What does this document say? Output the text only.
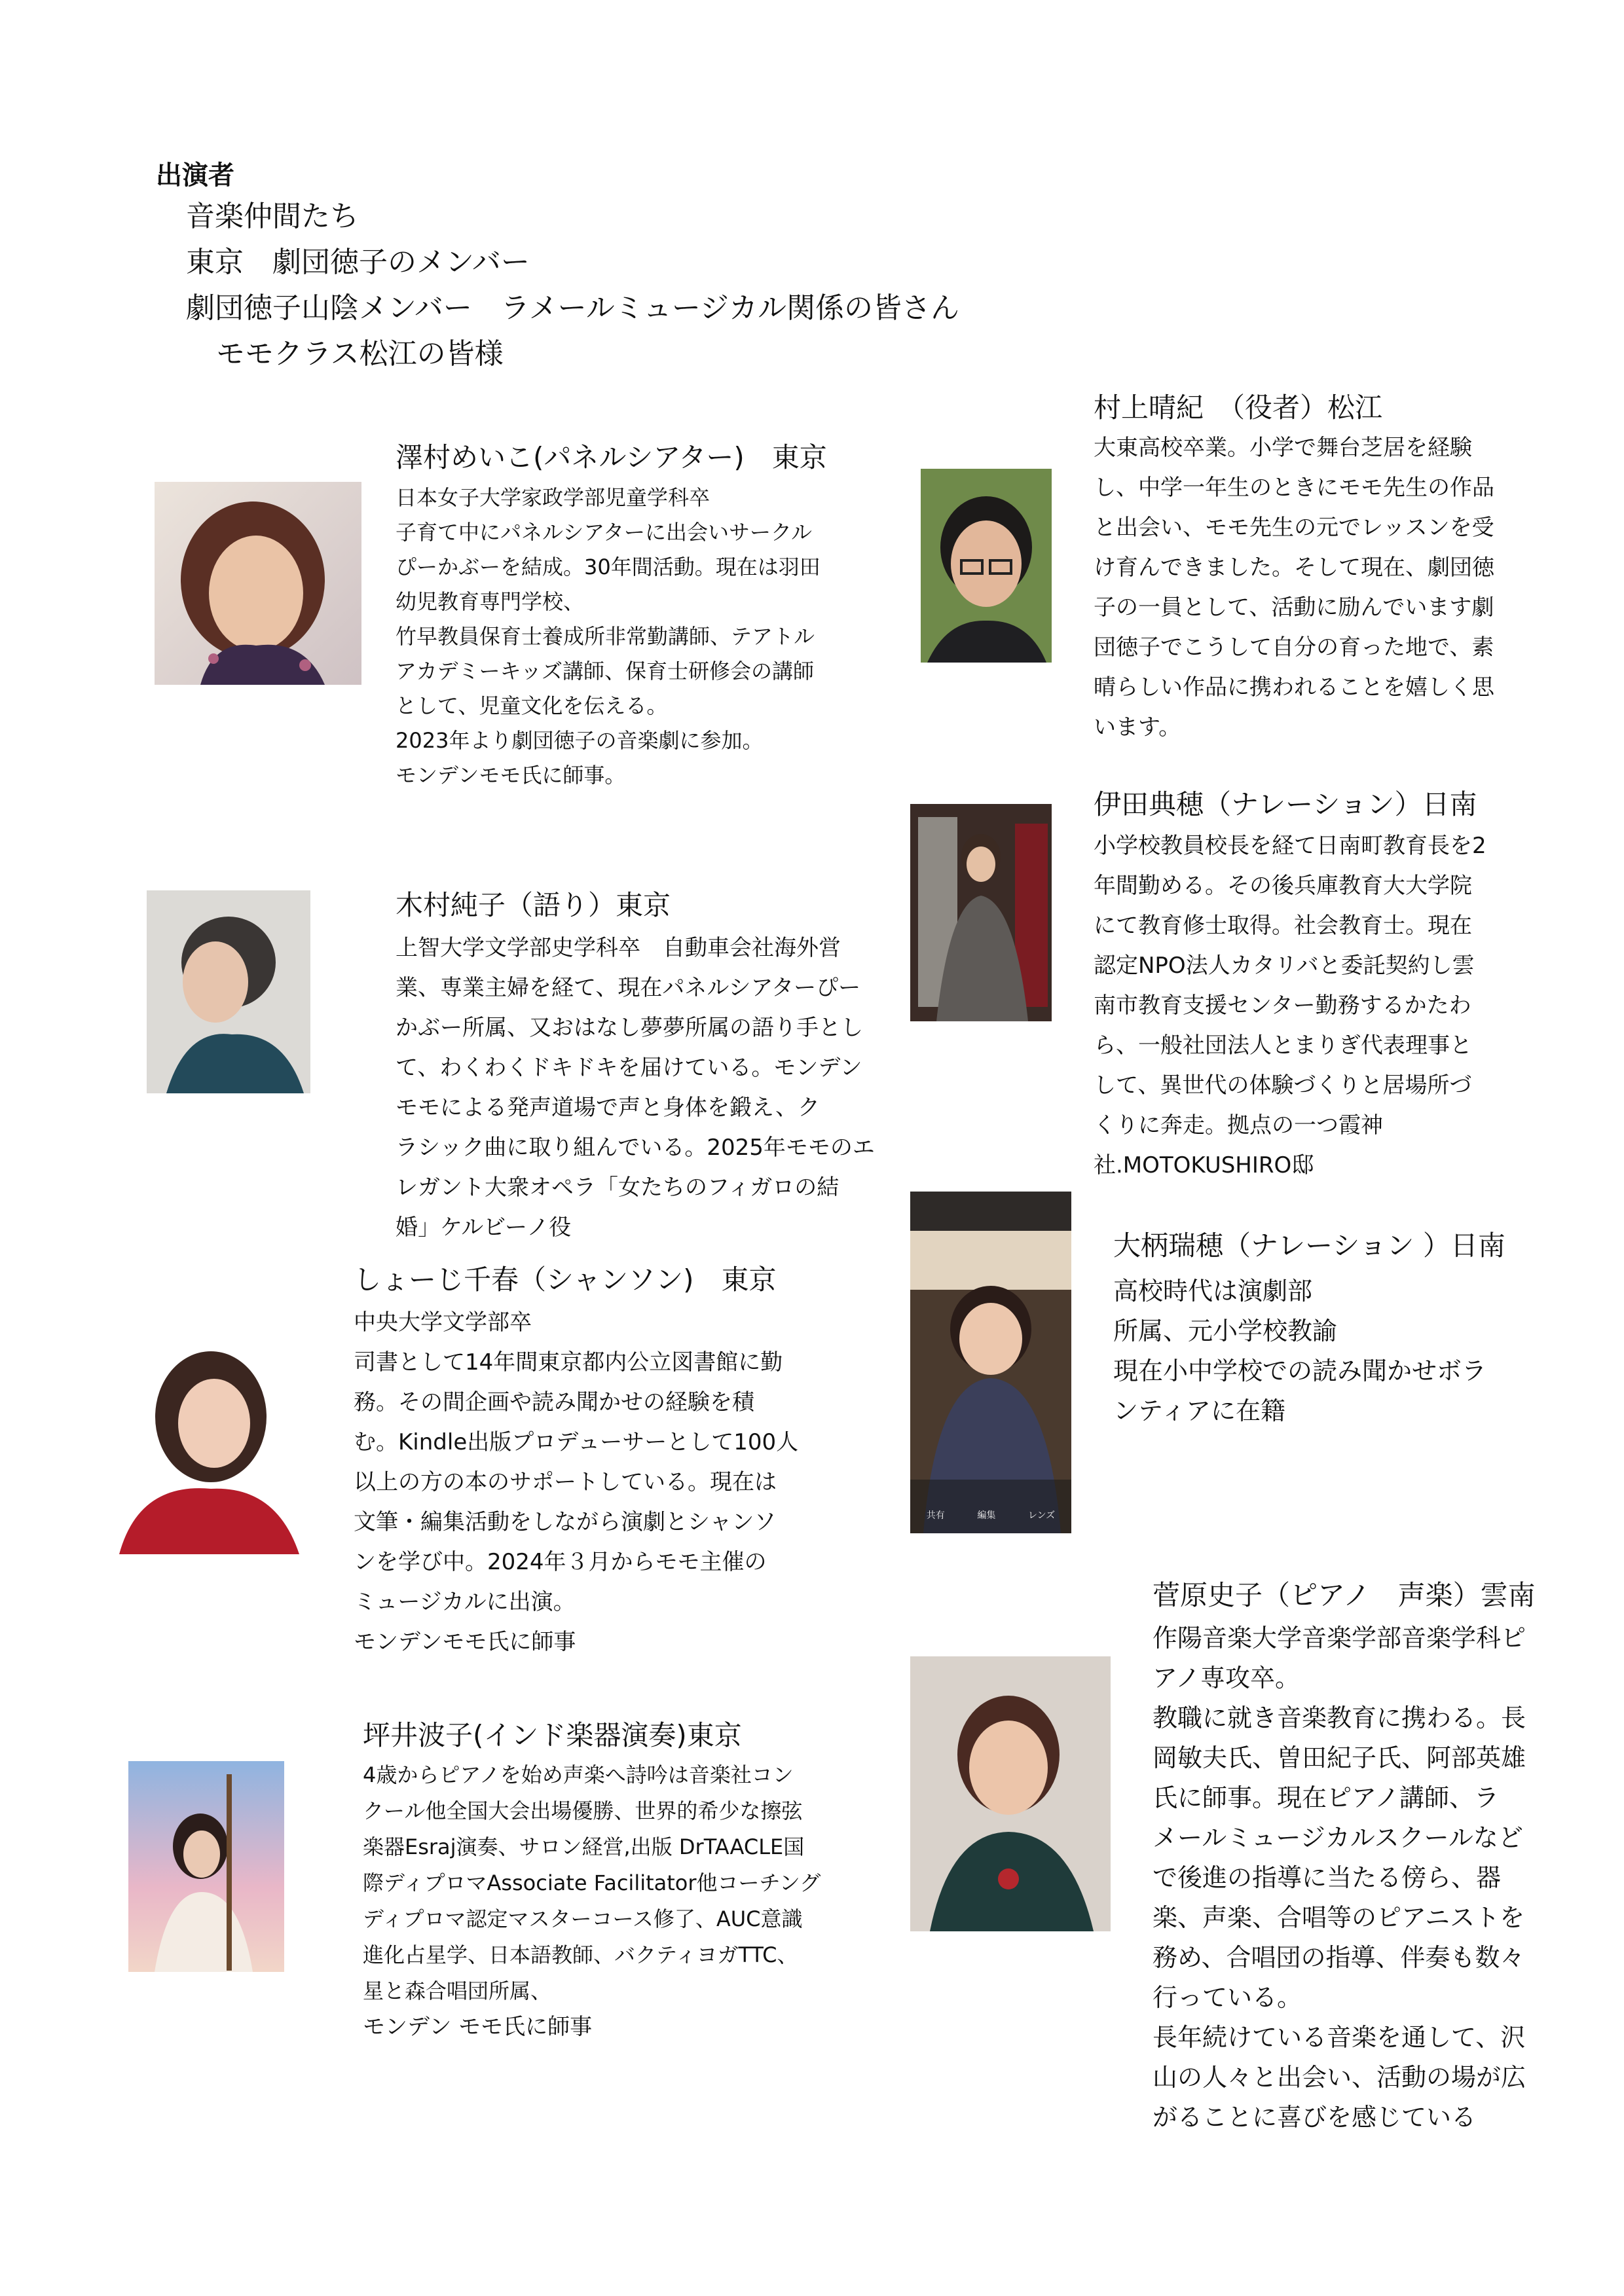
出演者
音楽仲間たち
東京　劇団徳子のメンバー
劇団徳子山陰メンバー　ラメールミュージカル関係の皆さん
モモクラス松江の皆様
澤村めいこ(パネルシアター)　東京
日本女子大学家政学部児童学科卒
子育て中にパネルシアターに出会いサークル
ぴーかぶーを結成。30年間活動。現在は羽田
幼児教育専門学校、
竹早教員保育士養成所非常勤講師、テアトル
アカデミーキッズ講師、保育士研修会の講師
として、児童文化を伝える。
2023年より劇団徳子の音楽劇に参加。
モンデンモモ氏に師事。
木村純子（語り）東京
上智大学文学部史学科卒　自動車会社海外営
業、専業主婦を経て、現在パネルシアターぴー
かぶー所属、又おはなし夢夢所属の語り手とし
て、わくわくドキドキを届けている。モンデン
モモによる発声道場で声と身体を鍛え、ク
ラシック曲に取り組んでいる。2025年モモのエ
レガント大衆オペラ「女たちのフィガロの結
婚」ケルビーノ役
しょーじ千春（シャンソン)　東京
中央大学文学部卒
司書として14年間東京都内公立図書館に勤
務。その間企画や読み聞かせの経験を積
む。Kindle出版プロデューサーとして100人
以上の方の本のサポートしている。現在は
文筆・編集活動をしながら演劇とシャンソ
ンを学び中。2024年３月からモモ主催の
ミュージカルに出演。
モンデンモモ氏に師事
坪井波子(インド楽器演奏)東京
4歳からピアノを始め声楽へ詩吟は音楽社コン
クール他全国大会出場優勝、世界的希少な擦弦
楽器Esraj演奏、サロン経営,出版 DrTAACLE国
際ディプロマAssociate Facilitator他コーチング
ディプロマ認定マスターコース修了、AUC意識
進化占星学、日本語教師、バクティヨガTTC、
星と森合唱団所属、
モンデン モモ氏に師事
村上晴紀　（役者）松江
大東高校卒業。小学で舞台芝居を経験
し、中学一年生のときにモモ先生の作品
と出会い、モモ先生の元でレッスンを受
け育んできました。そして現在、劇団徳
子の一員として、活動に励んでいます劇
団徳子でこうして自分の育った地で、素
晴らしい作品に携われることを嬉しく思
います。
伊田典穂（ナレーション）日南
小学校教員校長を経て日南町教育長を2
年間勤める。その後兵庫教育大大学院
にて教育修士取得。社会教育士。現在
認定NPO法人カタリバと委託契約し雲
南市教育支援センター勤務するかたわ
ら、一般社団法人とまりぎ代表理事と
して、異世代の体験づくりと居場所づ
くりに奔走。拠点の一つ霞神
社.MOTOKUSHIRO邸
共有	編集	レンズ
大柄瑞穂（ナレーション ）日南
高校時代は演劇部
所属、元小学校教諭
現在小中学校での読み聞かせボラ
ンティアに在籍
菅原史子（ピアノ　声楽）雲南
作陽音楽大学音楽学部音楽学科ピ
アノ専攻卒。
教職に就き音楽教育に携わる。長
岡敏夫氏、曽田紀子氏、阿部英雄
氏に師事。現在ピアノ講師、ラ
メールミュージカルスクールなど
で後進の指導に当たる傍ら、器
楽、声楽、合唱等のピアニストを
務め、合唱団の指導、伴奏も数々
行っている。
長年続けている音楽を通して、沢
山の人々と出会い、活動の場が広
がることに喜びを感じている
